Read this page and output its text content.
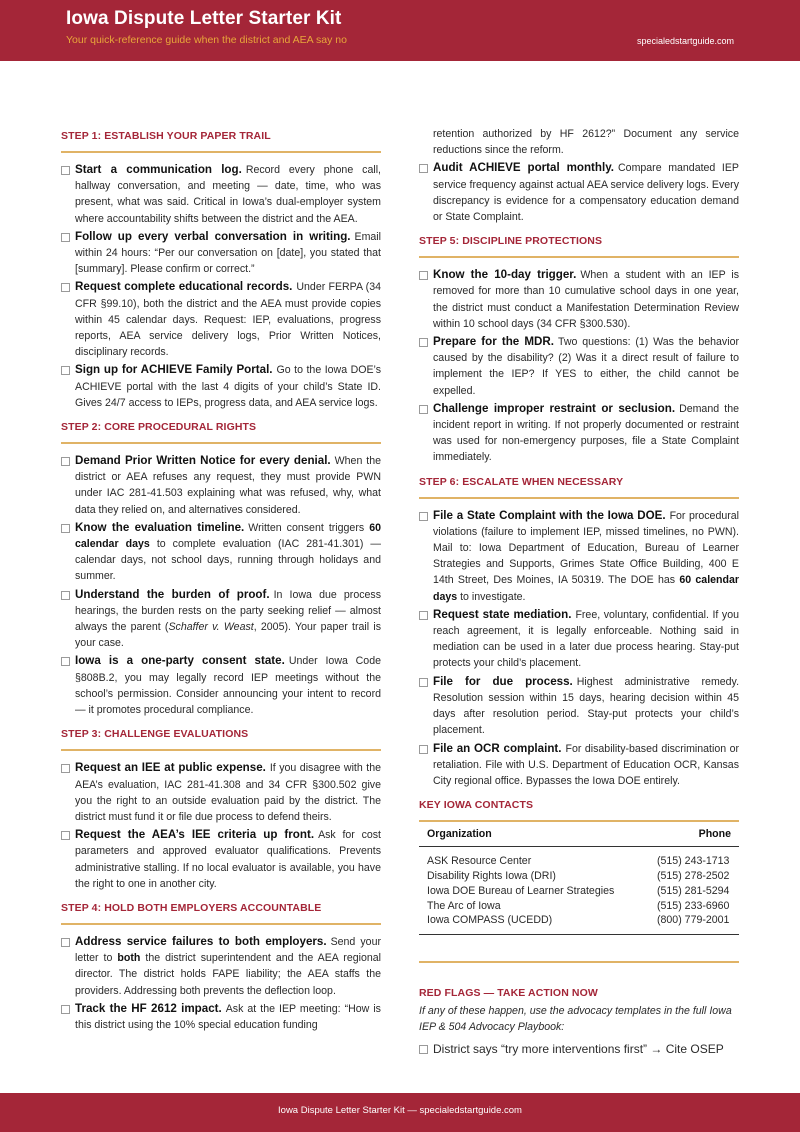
Iowa Dispute Letter Starter Kit
Your quick-reference guide when the district and AEA say no	specialedstartguide.com
STEP 1: ESTABLISH YOUR PAPER TRAIL
Start a communication log. Record every phone call, hallway conversation, and meeting — date, time, who was present, what was said. Critical in Iowa’s dual-employer system where accountability shifts between the district and the AEA.
Follow up every verbal conversation in writing. Email within 24 hours: “Per our conversation on [date], you stated that [summary]. Please confirm or correct.”
Request complete educational records. Under FERPA (34 CFR §99.10), both the district and the AEA must provide copies within 45 calendar days. Request: IEP, evaluations, progress reports, AEA service delivery logs, Prior Written Notices, disciplinary records.
Sign up for ACHIEVE Family Portal. Go to the Iowa DOE’s ACHIEVE portal with the last 4 digits of your child’s State ID. Gives 24/7 access to IEPs, progress data, and AEA service logs.
STEP 2: CORE PROCEDURAL RIGHTS
Demand Prior Written Notice for every denial. When the district or AEA refuses any request, they must provide PWN under IAC 281-41.503 explaining what was refused, why, what data they relied on, and alternatives considered.
Know the evaluation timeline. Written consent triggers 60 calendar days to complete evaluation (IAC 281-41.301) — calendar days, not school days, running through holidays and summer.
Understand the burden of proof. In Iowa due process hearings, the burden rests on the party seeking relief — almost always the parent (Schaffer v. Weast, 2005). Your paper trail is your case.
Iowa is a one-party consent state. Under Iowa Code §808B.2, you may legally record IEP meetings without the school’s permission. Consider announcing your intent to record — it promotes procedural compliance.
STEP 3: CHALLENGE EVALUATIONS
Request an IEE at public expense. If you disagree with the AEA’s evaluation, IAC 281-41.308 and 34 CFR §300.502 give you the right to an outside evaluation paid by the district. The district must fund it or file due process to defend theirs.
Request the AEA’s IEE criteria up front. Ask for cost parameters and approved evaluator qualifications. Prevents administrative stalling. If no local evaluator is available, you have the right to one in another city.
STEP 4: HOLD BOTH EMPLOYERS ACCOUNTABLE
Address service failures to both employers. Send your letter to both the district superintendent and the AEA regional director. The district holds FAPE liability; the AEA staffs the providers. Addressing both prevents the deflection loop.
Track the HF 2612 impact. Ask at the IEP meeting: “How is this district using the 10% special education funding
retention authorized by HF 2612?” Document any service reductions since the reform.
Audit ACHIEVE portal monthly. Compare mandated IEP service frequency against actual AEA service delivery logs. Every discrepancy is evidence for a compensatory education demand or State Complaint.
STEP 5: DISCIPLINE PROTECTIONS
Know the 10-day trigger. When a student with an IEP is removed for more than 10 cumulative school days in one year, the district must conduct a Manifestation Determination Review within 10 school days (34 CFR §300.530).
Prepare for the MDR. Two questions: (1) Was the behavior caused by the disability? (2) Was it a direct result of failure to implement the IEP? If YES to either, the child cannot be expelled.
Challenge improper restraint or seclusion. Demand the incident report in writing. If not properly documented or restraint was used for non-emergency purposes, file a State Complaint immediately.
STEP 6: ESCALATE WHEN NECESSARY
File a State Complaint with the Iowa DOE. For procedural violations (failure to implement IEP, missed timelines, no PWN). Mail to: Iowa Department of Education, Bureau of Learner Strategies and Supports, Grimes State Office Building, 400 E 14th Street, Des Moines, IA 50319. The DOE has 60 calendar days to investigate.
Request state mediation. Free, voluntary, confidential. If you reach agreement, it is legally enforceable. Nothing said in mediation can be used in a later due process hearing. Stay-put protects your child’s placement.
File for due process. Highest administrative remedy. Resolution session within 15 days, hearing decision within 45 days after resolution period. Stay-put protects your child’s placement.
File an OCR complaint. For disability-based discrimination or retaliation. File with U.S. Department of Education OCR, Kansas City regional office. Bypasses the Iowa DOE entirely.
KEY IOWA CONTACTS
Organization	Phone
ASK Resource Center	(515) 243-1713
Disability Rights Iowa (DRI)	(515) 278-2502
Iowa DOE Bureau of Learner Strategies	(515) 281-5294
The Arc of Iowa	(515) 233-6960
Iowa COMPASS (UCEDD)	(800) 779-2001
RED FLAGS — TAKE ACTION NOW
If any of these happen, use the advocacy templates in the full Iowa IEP & 504 Advocacy Playbook:
District says “try more interventions first” → Cite OSEP
Iowa Dispute Letter Starter Kit — specialedstartguide.com
